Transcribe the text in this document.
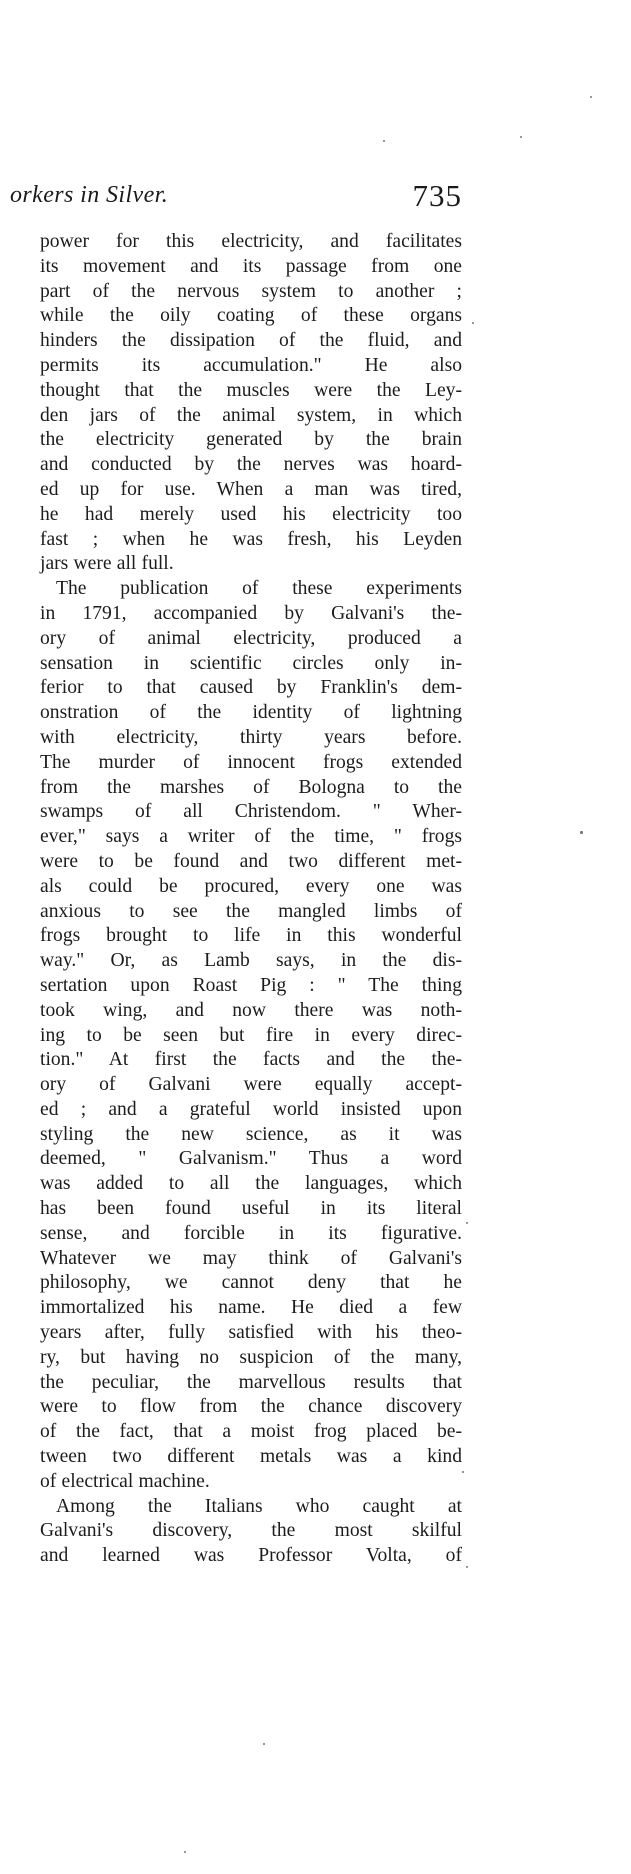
orkers in Silver.	735
power for this electricity, and facilitates
its movement and its passage from one
part of the nervous system to another ;
while the oily coating of these organs
hinders the dissipation of the fluid, and
permits its accumulation." He also
thought that the muscles were the Ley-
den jars of the animal system, in which
the electricity generated by the brain
and conducted by the nerves was hoard-
ed up for use. When a man was tired,
he had merely used his electricity too
fast ; when he was fresh, his Leyden
jars were all full.
The publication of these experiments
in 1791, accompanied by Galvani's the-
ory of animal electricity, produced a
sensation in scientific circles only in-
ferior to that caused by Franklin's dem-
onstration of the identity of lightning
with electricity, thirty years before.
The murder of innocent frogs extended
from the marshes of Bologna to the
swamps of all Christendom. " Wher-
ever," says a writer of the time, " frogs
were to be found and two different met-
als could be procured, every one was
anxious to see the mangled limbs of
frogs brought to life in this wonderful
way." Or, as Lamb says, in the dis-
sertation upon Roast Pig : " The thing
took wing, and now there was noth-
ing to be seen but fire in every direc-
tion." At first the facts and the the-
ory of Galvani were equally accept-
ed ; and a grateful world insisted upon
styling the new science, as it was
deemed, " Galvanism." Thus a word
was added to all the languages, which
has been found useful in its literal
sense, and forcible in its figurative.
Whatever we may think of Galvani's
philosophy, we cannot deny that he
immortalized his name. He died a few
years after, fully satisfied with his theo-
ry, but having no suspicion of the many,
the peculiar, the marvellous results that
were to flow from the chance discovery
of the fact, that a moist frog placed be-
tween two different metals was a kind
of electrical machine.
Among the Italians who caught at
Galvani's discovery, the most skilful
and learned was Professor Volta, of
